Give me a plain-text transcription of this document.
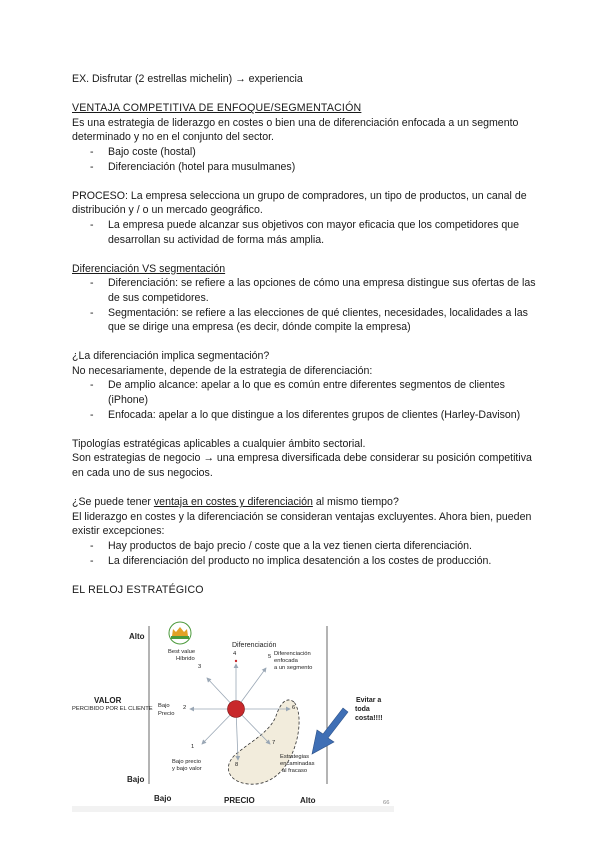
EX. Disfrutar (2 estrellas michelin) → experiencia

VENTAJA COMPETITIVA DE ENFOQUE/SEGMENTACIÓN

Es una estrategia de liderazgo en costes o bien una de diferenciación enfocada a un segmento determinado y no en el conjunto del sector.

- Bajo coste (hostal)
- Diferenciación (hotel para musulmanes)

PROCESO: La empresa selecciona un grupo de compradores, un tipo de productos, un canal de distribución y / o un mercado geográfico.

- La empresa puede alcanzar sus objetivos con mayor eficacia que los competidores que desarrollan su actividad de forma más amplia.

Diferenciación VS segmentación

- Diferenciación: se refiere a las opciones de cómo una empresa distingue sus ofertas de las de sus competidores.
- Segmentación: se refiere a las elecciones de qué clientes, necesidades, localidades a las que se dirige una empresa (es decir, dónde compite la empresa)

¿La diferenciación implica segmentación?

No necesariamente, depende de la estrategia de diferenciación:

- De amplio alcance: apelar a lo que es común entre diferentes segmentos de clientes (iPhone)
- Enfocada: apelar a lo que distingue a los diferentes grupos de clientes (Harley-Davison)

Tipologías estratégicas aplicables a cualquier ámbito sectorial.

Son estrategias de negocio → una empresa diversificada debe considerar su posición competitiva en cada uno de sus negocios.

¿Se puede tener ventaja en costes y diferenciación al mismo tiempo?

El liderazgo en costes y la diferenciación se consideran ventajas excluyentes. Ahora bien, pueden existir excepciones:

- Hay productos de bajo precio / coste que a la vez tienen cierta diferenciación.
- La diferenciación del producto no implica desatención a los costes de producción.

EL RELOJ ESTRATÉGICO

Alto
Bajo
VALOR
PERCIBIDO POR EL CLIENTE
Bajo	PRECIO	Alto
Diferenciación
4
Best value
Híbrido
3
5 Diferenciación
enfocada
a un segmento
2
Bajo
Precio
6
7
1
Bajo precio
y bajo valor
8
Estrategias
encaminadas
al fracaso
Evitar a
toda
costa!!!!
66
